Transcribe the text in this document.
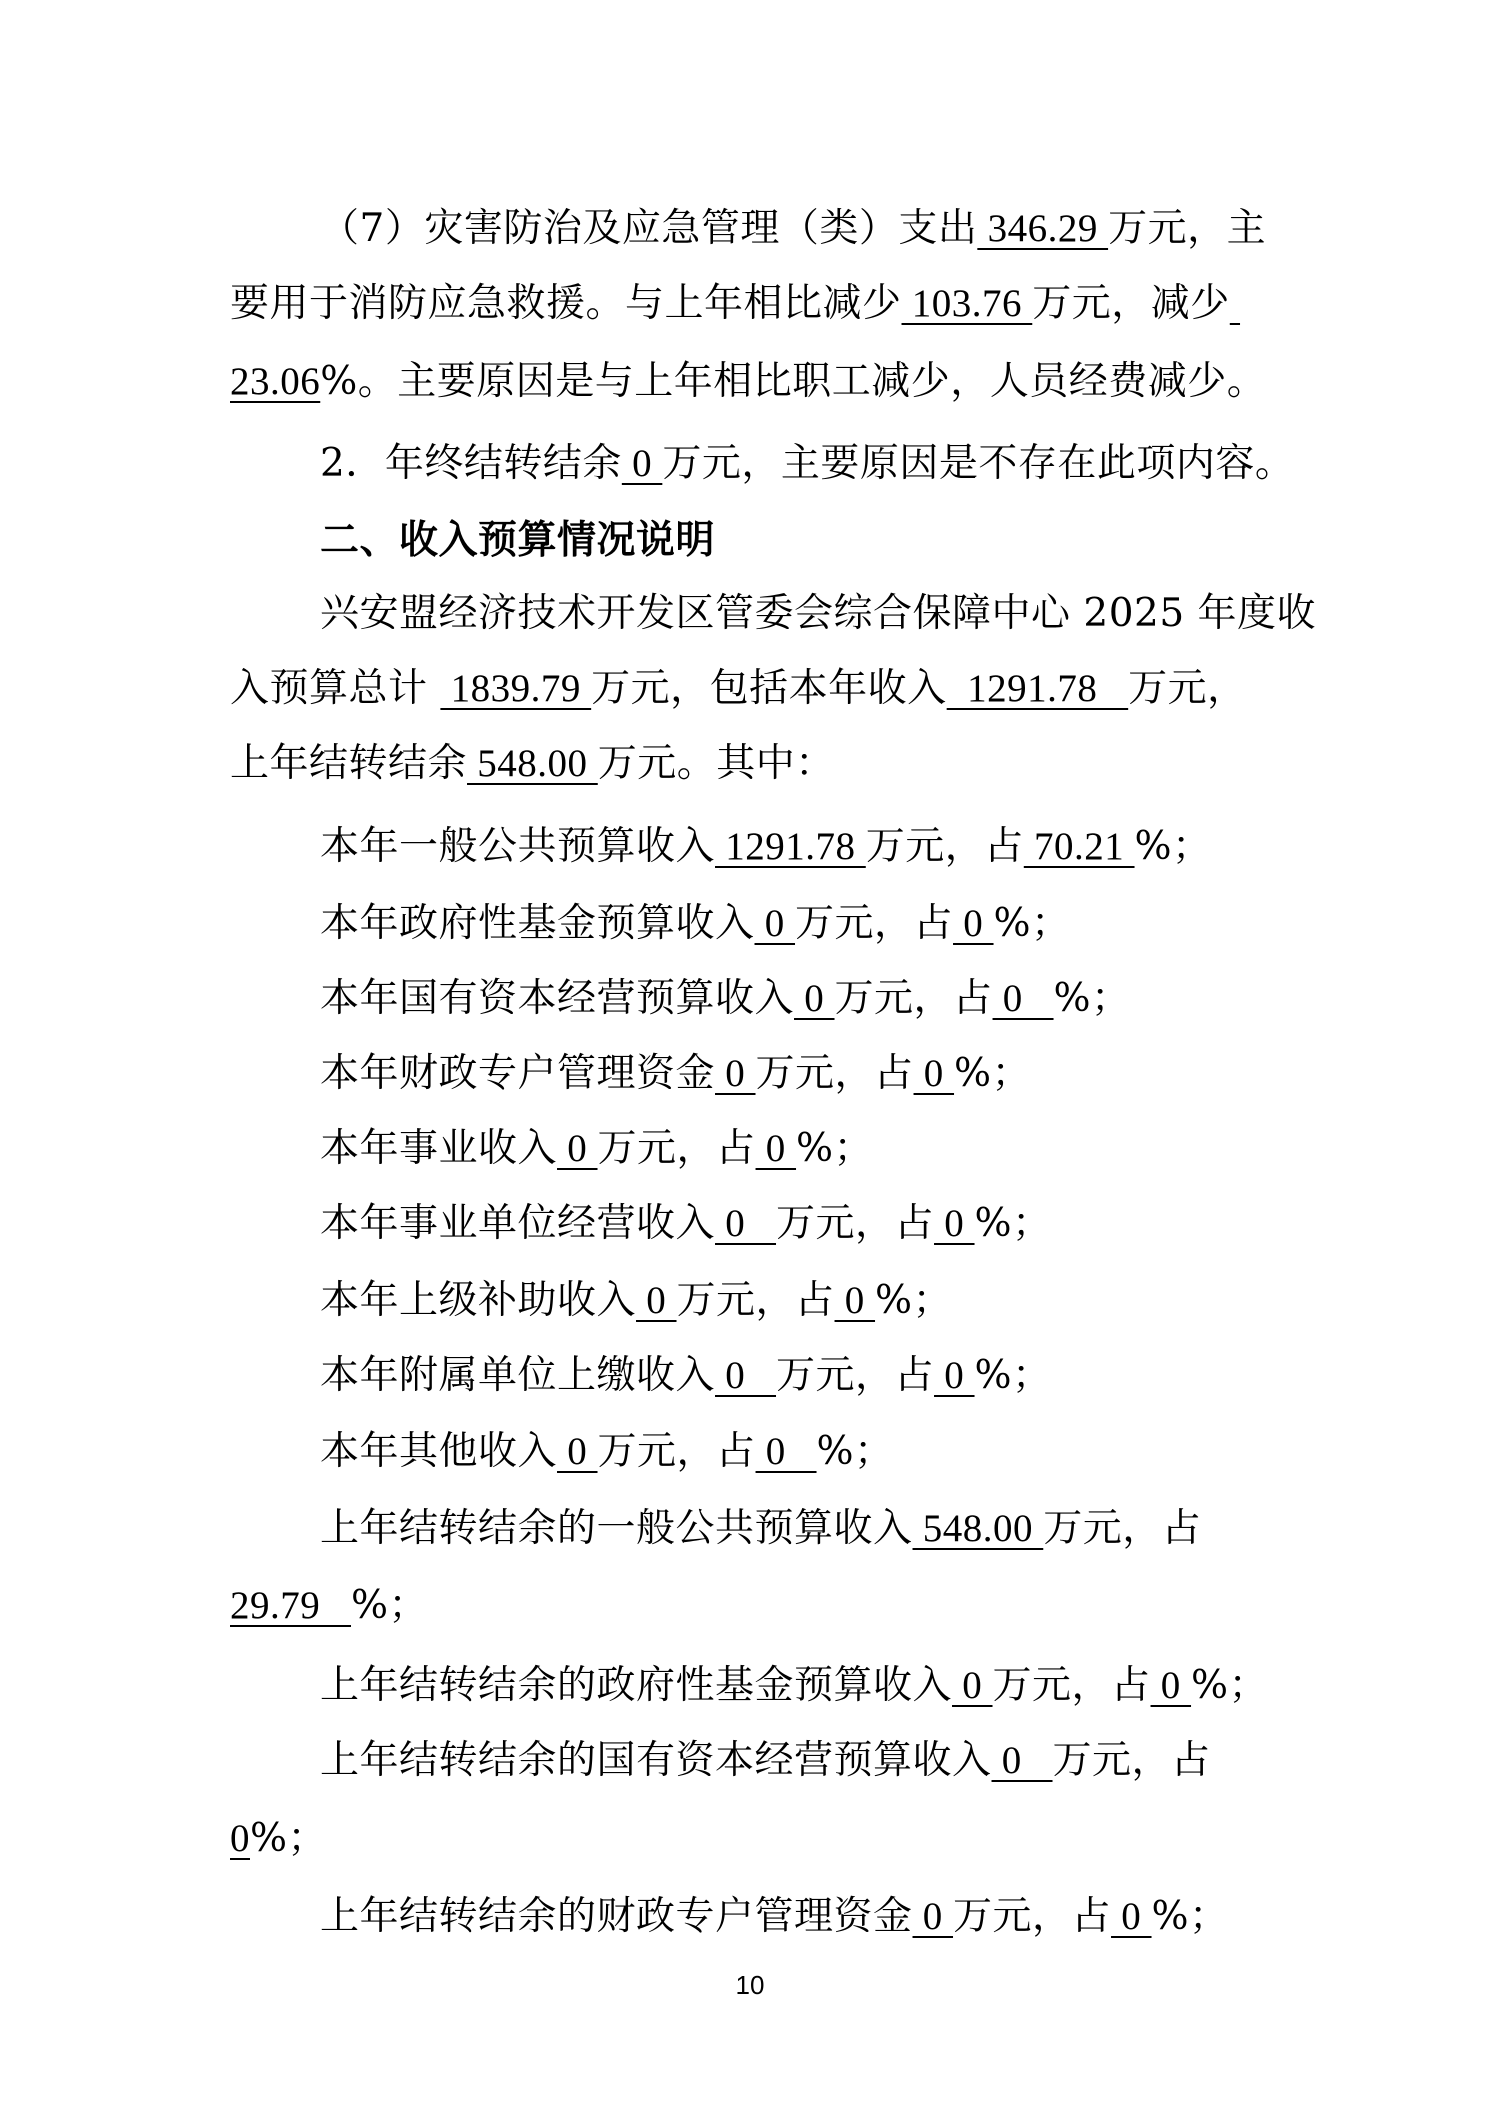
（7）灾害防治及应急管理（类）支出 346.29 万元，主
要用于消防应急救援。与上年相比减少 103.76 万元，减少
23.06%。主要原因是与上年相比职工减少，人员经费减少。
2．年终结转结余 0 万元，主要原因是不存在此项内容。
二、收入预算情况说明
兴安盟经济技术开发区管委会综合保障中心 2025 年度收
入预算总计  1839.79 万元，包括本年收入  1291.78   万元，
上年结转结余 548.00 万元。其中：
本年一般公共预算收入 1291.78 万元，占 70.21 %；
本年政府性基金预算收入 0 万元，占 0 %；
本年国有资本经营预算收入 0 万元，占 0   %；
本年财政专户管理资金 0 万元，占 0 %；
本年事业收入 0 万元，占 0 %；
本年事业单位经营收入 0   万元，占 0 %；
本年上级补助收入 0 万元，占 0 %；
本年附属单位上缴收入 0   万元，占 0 %；
本年其他收入 0 万元，占 0   %；
上年结转结余的一般公共预算收入 548.00 万元，占
29.79   %；
上年结转结余的政府性基金预算收入 0 万元，占 0 %；
上年结转结余的国有资本经营预算收入 0   万元，占
0%；
上年结转结余的财政专户管理资金 0 万元，占 0 %；
10
